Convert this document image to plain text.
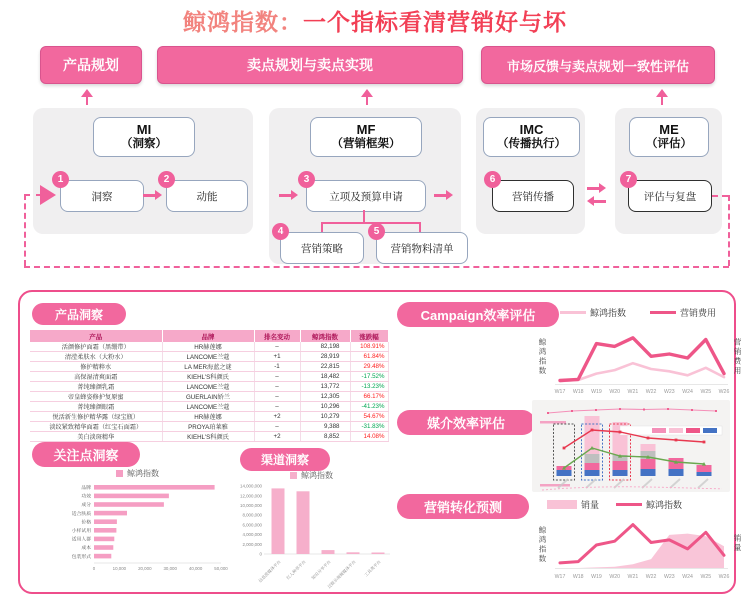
鲸鸿指数：一个指标看清营销好与坏
产品规划	卖点规划与卖点实现	市场反馈与卖点规划一致性评估
MI
（洞察）
MF
（营销框架）
IMC
（传播执行）
ME
（评估）
洞察	动能	立项及预算申请
营销策略	营销物料清单
营销传播	评估与复盘
1	2	3
4	5
6	7
产品洞察
产品	品牌	排名变动	鲸鸿指数	涨跌幅
活颜修护面霜（黑绷带）	HR赫莲娜	–	82,198	108.91%
清滢柔肤水（大粉水）	LANCOME兰蔻	+1	28,919	61.84%
修护精粹水	LA MER海蓝之谜	-1	22,815	29.48%
高保湿清爽面霜	KIEHL'S科颜氏	–	18,482	-17.52%
菁纯臻颜乳霜	LANCOME兰蔻	–	13,772	-13.23%
帝皇蜂姿修护复原蜜	GUERLAIN娇兰	–	12,305	66.17%
菁纯臻颜眼霜	LANCOME兰蔻	–	10,296	-41.23%
悦活新生修护精华露（绿宝瓶）	HR赫莲娜	+2	10,279	54.67%
淡纹紧致精华面霜（红宝石面霜）	PROYA珀莱雅	–	9,388	-31.83%
美白淡斑精华	KIEHL'S科颜氏	+2	8,852	14.08%
Campaign效率评估	鲸鸿指数	营销费用
鲸鸿指数	营销费用
W17 W18 W19 W20 W21 W22 W23 W24 W25 W26
媒介效率评估
营销转化预测	销量	鲸鸿指数
鲸鸿指数	销量
W17 W18 W19 W20 W21 W22 W23 W24 W25 W26
关注点洞察
鲸鸿指数
品牌
功效
成分
适合肤质
价格
小样试用
适用人群
成本
包装形式
0	10,000	20,000	30,000	40,000	50,000
渠道洞察
鲸鸿指数
0
2,000,000
4,000,000
6,000,000
8,000,000
10,000,000
12,000,000
14,000,000
信息流媒体平台 红人种草平台 知识分享平台
泛娱乐视频媒体平台	工具类平台
